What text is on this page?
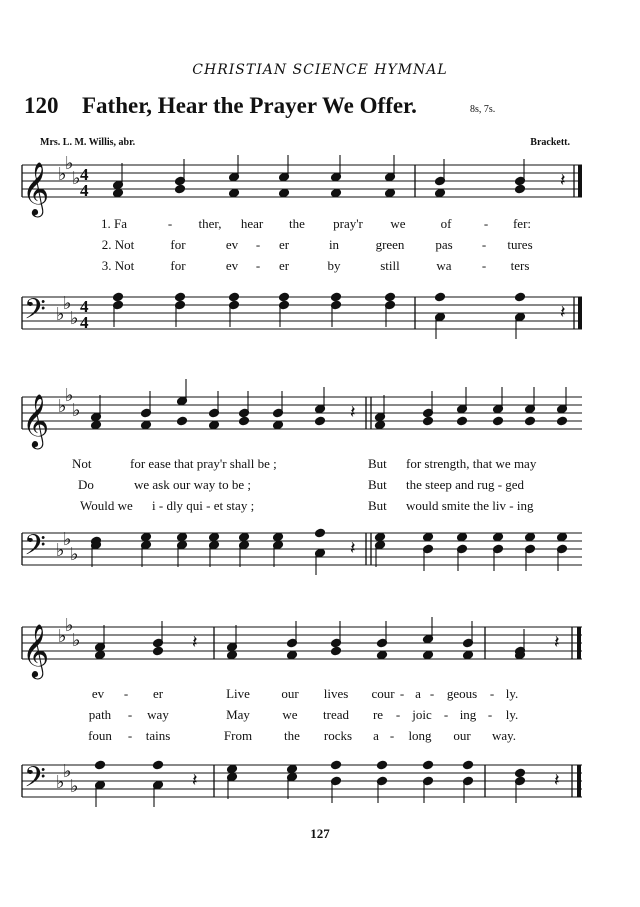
CHRISTIAN SCIENCE HYMNAL
120 Father, Hear the Prayer We Offer.	8s, 7s.
Mrs. L. M. Willis, abr.	Brackett.
𝄞 ♭
♭
♭ 4
4	𝄽
1. Fa	- ther, hear the pray'r we	of - fer:
2. Not	for	ev - er	in	green pas - tures
3. Not	for	ev - er	by	still	wa - ters
𝄢 ♭
♭
♭
4
4	𝄽
𝄞 ♭
♭
♭	𝄽
Not	for ease that pray'r shall be ;	But for strength, that we may
Do	we ask our way to be ;	But the steep and rug - ged
Would we i - dly qui - et stay ;	But would smite the liv - ing
𝄢 ♭
♭
♭	𝄽
𝄞 ♭
♭
♭	𝄽	𝄽
ev - er	Live our lives cour - a - geous - ly.
path - way	May we tread re - joic - ing - ly.
foun - tains	From the rocks a - long our way.
𝄢 ♭
♭
♭	𝄽	𝄽
127
